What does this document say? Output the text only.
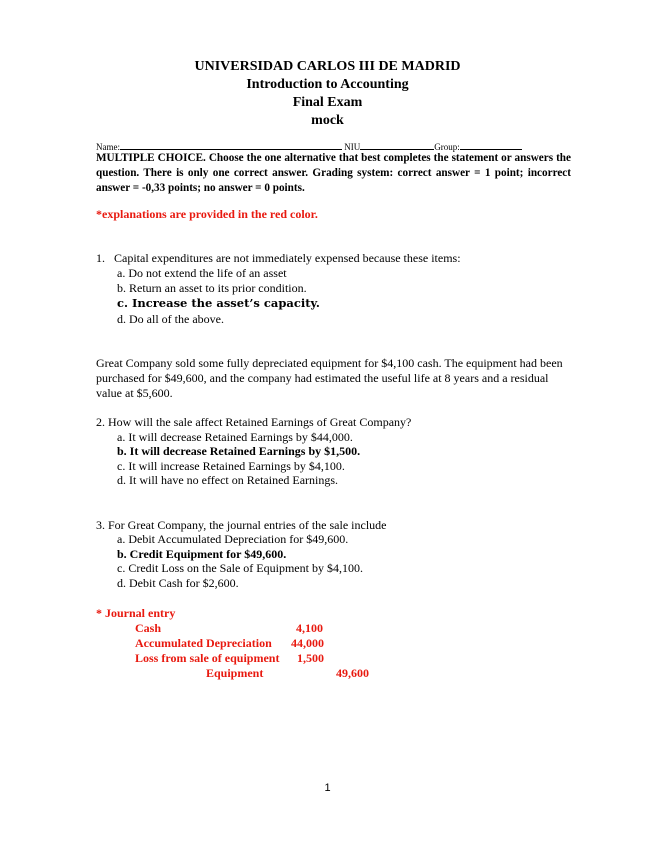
UNIVERSIDAD CARLOS III DE MADRID
Introduction to Accounting
Final Exam
mock
Name:	NIU	Group:
MULTIPLE CHOICE. Choose the one alternative that best completes the statement or answers the question. There is only one correct answer. Grading system: correct answer = 1 point; incorrect answer = -0,33 points; no answer = 0 points.
*explanations are provided in the red color.
1. Capital expenditures are not immediately expensed because these items:
a. Do not extend the life of an asset
b. Return an asset to its prior condition.
c. Increase the asset’s capacity.
d. Do all of the above.
Great Company sold some fully depreciated equipment for $4,100 cash. The equipment had been purchased for $49,600, and the company had estimated the useful life at 8 years and a residual value at $5,600.
2. How will the sale affect Retained Earnings of Great Company?
a. It will decrease Retained Earnings by $44,000.
b. It will decrease Retained Earnings by $1,500.
c. It will increase Retained Earnings by $4,100.
d. It will have no effect on Retained Earnings.
3. For Great Company, the journal entries of the sale include
a. Debit Accumulated Depreciation for $49,600.
b. Credit Equipment for $49,600.
c. Credit Loss on the Sale of Equipment by $4,100.
d. Debit Cash for $2,600.
* Journal entry
Cash	4,100
Accumulated Depreciation 44,000
Loss from sale of equipment 1,500
Equipment	49,600
1
